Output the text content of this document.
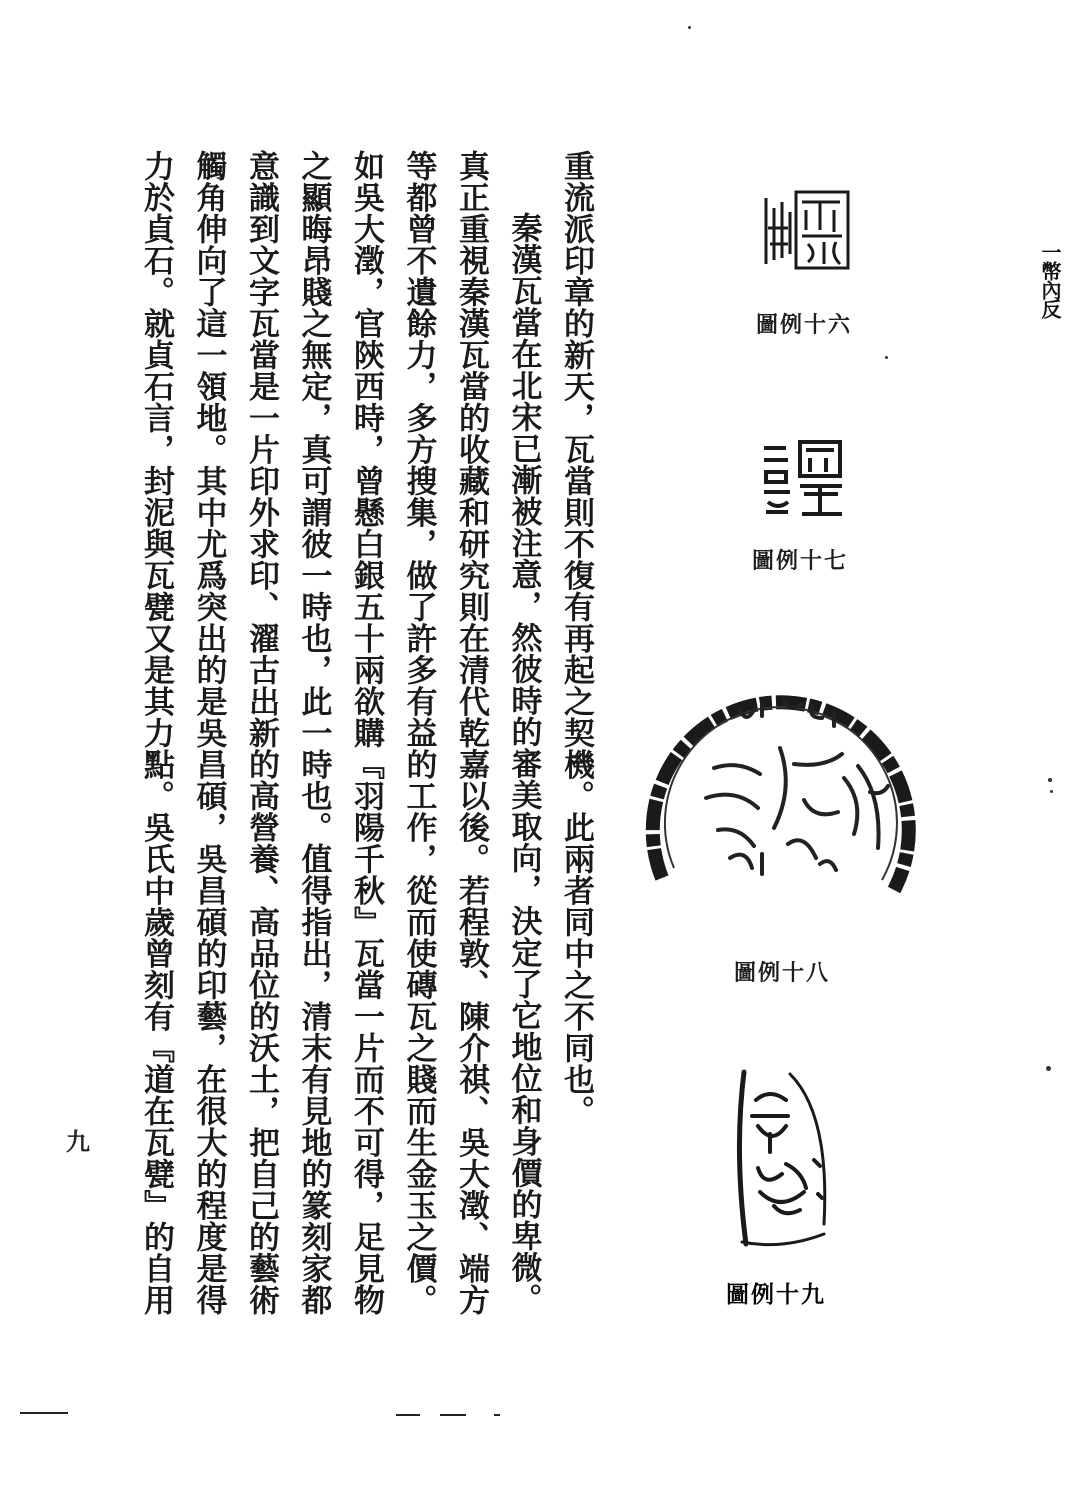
一幣內反
圖例十六
圖例十七
圖例十八
圖例十九

重流派印章的新天，瓦當則不復有再起之契機。此兩者同中之不同也。

秦漢瓦當在北宋已漸被注意，然彼時的審美取向，決定了它地位和身價的卑微。真正重視秦漢瓦當的收藏和研究則在清代乾嘉以後。若程敦、陳介祺、吳大澂、端方等都曾不遺餘力，多方搜集，做了許多有益的工作，從而使磚瓦之賤而生金玉之價。如吳大澂，官陝西時，曾懸白銀五十兩欲購『羽陽千秋』瓦當一片而不可得，足見物之顯晦昂賤之無定，真可謂彼一時也，此一時也。值得指出，清末有見地的篆刻家都意識到文字瓦當是一片印外求印、濯古出新的高營養、高品位的沃土，把自己的藝術觸角伸向了這一領地。其中尤爲突出的是吳昌碩，吳昌碩的印藝，在很大的程度是得力於貞石。就貞石言，封泥與瓦甓又是其力點。吳氏中歲曾刻有『道在瓦甓』的自用

九
